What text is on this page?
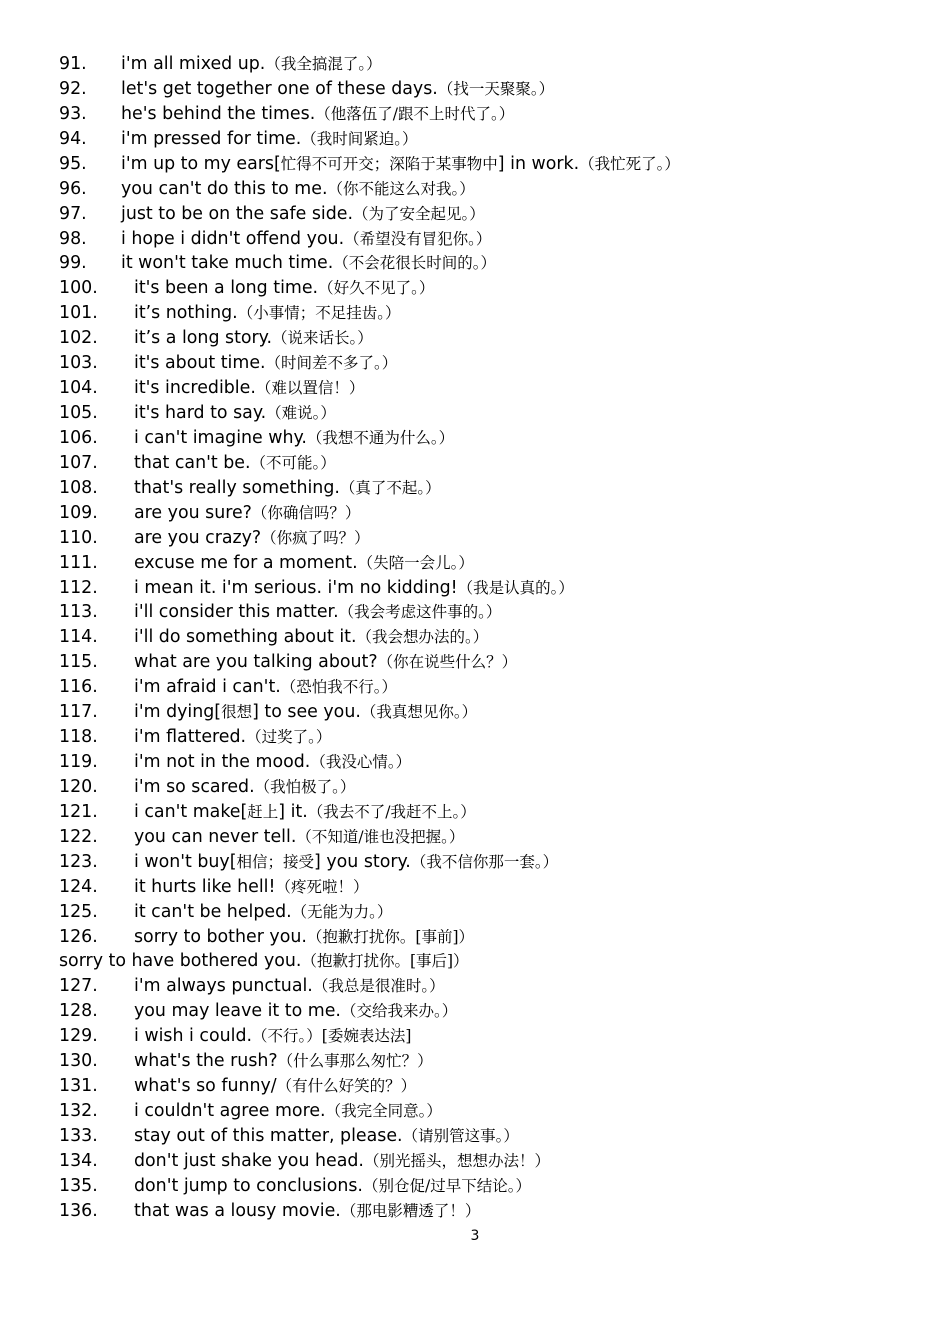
91. i'm all mixed up.（我全搞混了。）
92. let's get together one of these days.（找一天聚聚。）
93. he's behind the times.（他落伍了/跟不上时代了。）
94. i'm pressed for time.（我时间紧迫。）
95. i'm up to my ears[忙得不可开交；深陷于某事物中] in work.（我忙死了。）
96. you can't do this to me.（你不能这么对我。）
97. just to be on the safe side.（为了安全起见。）
98. i hope i didn't offend you.（希望没有冒犯你。）
99. it won't take much time.（不会花很长时间的。）
100. it's been a long time.（好久不见了。）
101. it’s nothing.（小事情；不足挂齿。）
102. it’s a long story.（说来话长。）
103. it's about time.（时间差不多了。）
104. it's incredible.（难以置信！）
105. it's hard to say.（难说。）
106. i can't imagine why.（我想不通为什么。）
107. that can't be.（不可能。）
108. that's really something.（真了不起。）
109. are you sure?（你确信吗？）
110. are you crazy?（你疯了吗？）
111. excuse me for a moment.（失陪一会儿。）
112. i mean it. i'm serious. i'm no kidding!（我是认真的。）
113. i'll consider this matter.（我会考虑这件事的。）
114. i'll do something about it.（我会想办法的。）
115. what are you talking about?（你在说些什么？）
116. i'm afraid i can't.（恐怕我不行。）
117. i'm dying[很想] to see you.（我真想见你。）
118. i'm flattered.（过奖了。）
119. i'm not in the mood.（我没心情。）
120. i'm so scared.（我怕极了。）
121. i can't make[赶上] it.（我去不了/我赶不上。）
122. you can never tell.（不知道/谁也没把握。）
123. i won't buy[相信；接受] you story.（我不信你那一套。）
124. it hurts like hell!（疼死啦！）
125. it can't be helped.（无能为力。）
126. sorry to bother you.（抱歉打扰你。[事前]）
sorry to have bothered you.（抱歉打扰你。[事后]）
127. i'm always punctual.（我总是很准时。）
128. you may leave it to me.（交给我来办。）
129. i wish i could.（不行。）[委婉表达法]
130. what's the rush?（什么事那么匆忙？）
131. what's so funny/（有什么好笑的？）
132. i couldn't agree more.（我完全同意。）
133. stay out of this matter, please.（请别管这事。）
134. don't just shake you head.（别光摇头，想想办法！）
135. don't jump to conclusions.（别仓促/过早下结论。）
136. that was a lousy movie.（那电影糟透了！）
3
